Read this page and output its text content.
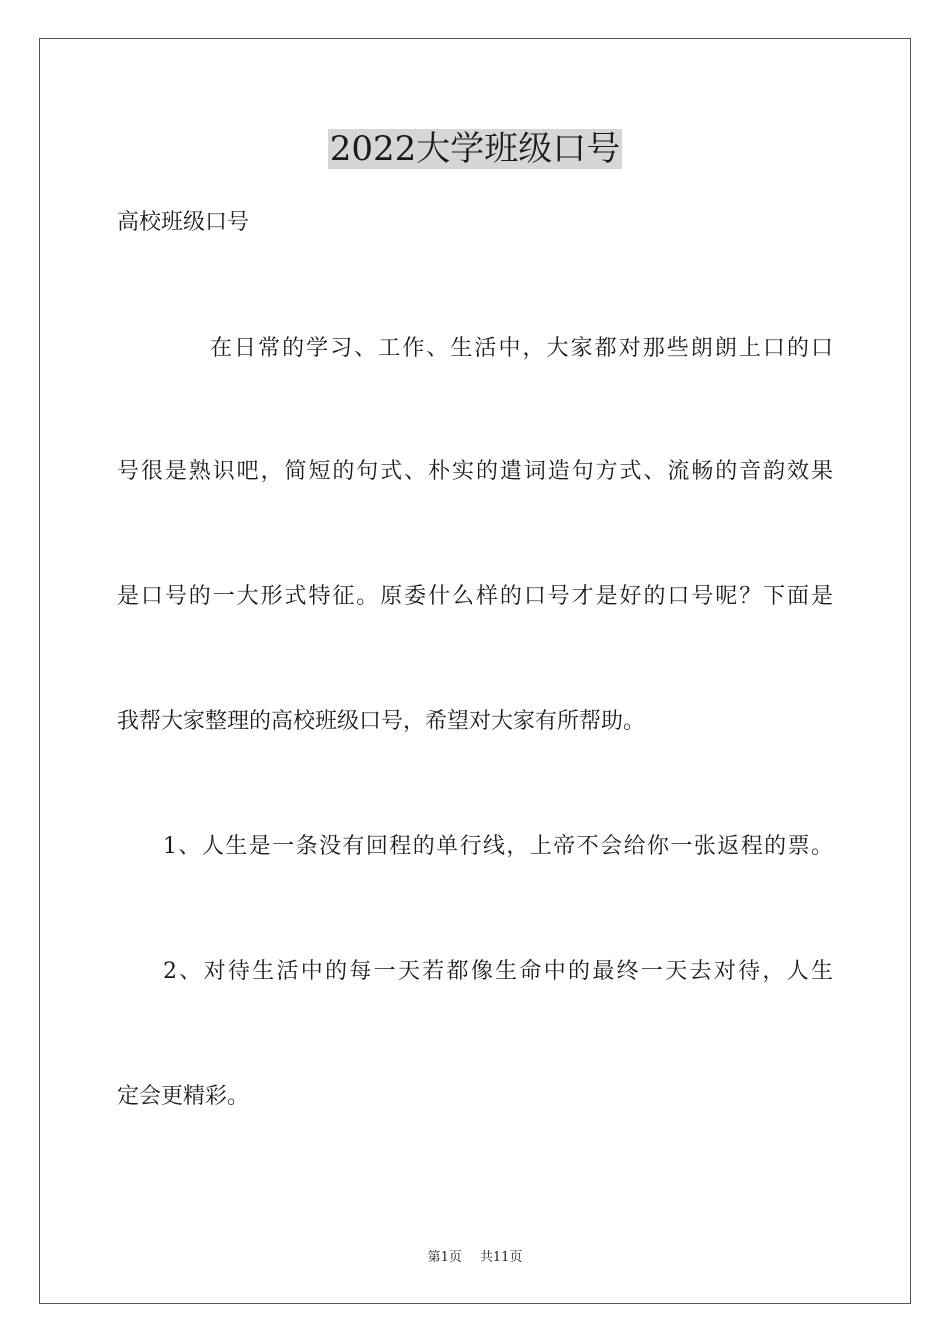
2022大学班级口号
高校班级口号
在日常的学习、工作、生活中，大家都对那些朗朗上口的口
号很是熟识吧，简短的句式、朴实的遣词造句方式、流畅的音韵效果
是口号的一大形式特征。原委什么样的口号才是好的口号呢？下面是
我帮大家整理的高校班级口号，希望对大家有所帮助。
1、人生是一条没有回程的单行线，上帝不会给你一张返程的票。
2、对待生活中的每一天若都像生命中的最终一天去对待，人生
定会更精彩。
第1页 共11页
